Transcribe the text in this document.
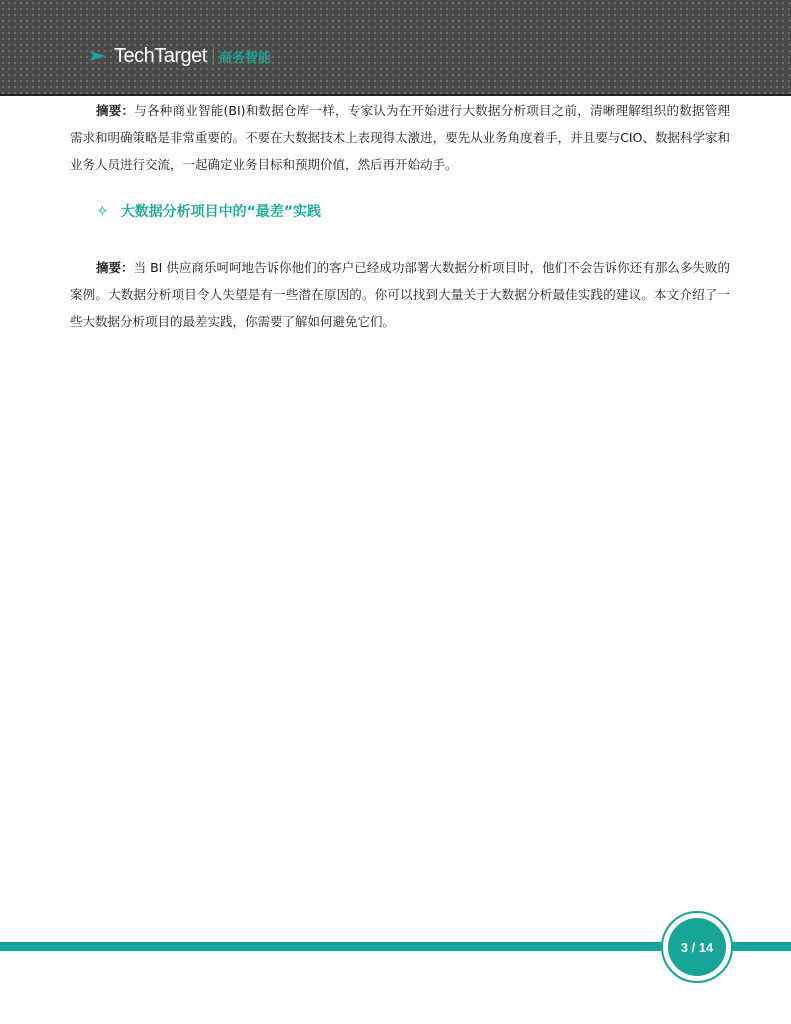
TechTarget 商务智能
摘要：与各种商业智能(BI)和数据仓库一样，专家认为在开始进行大数据分析项目之前，清晰理解组织的数据管理需求和明确策略是非常重要的。不要在大数据技术上表现得太激进，要先从业务角度着手，并且要与CIO、数据科学家和业务人员进行交流，一起确定业务目标和预期价值，然后再开始动手。
✧ 大数据分析项目中的“最差”实践
摘要：当 BI 供应商乐呵呵地告诉你他们的客户已经成功部署大数据分析项目时，他们不会告诉你还有那么多失败的案例。大数据分析项目令人失望是有一些潜在原因的。你可以找到大量关于大数据分析最佳实践的建议。本文介绍了一些大数据分析项目的最差实践，你需要了解如何避免它们。
3 / 14
